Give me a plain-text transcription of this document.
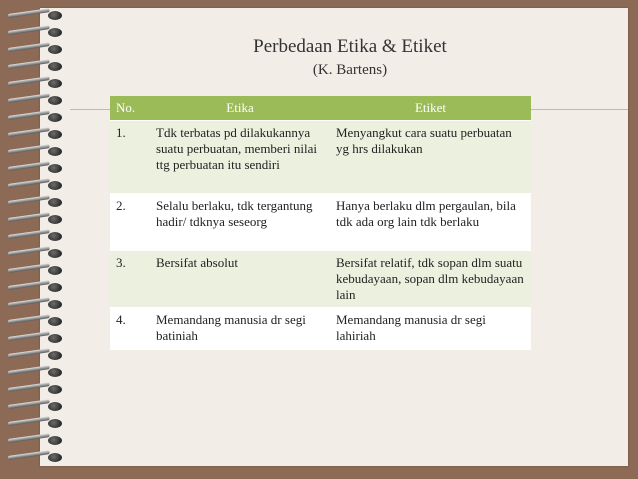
Perbedaan Etika & Etiket
(K. Bartens)
No.	Etika	Etiket
1.	Tdk terbatas pd dilakukannya suatu perbuatan, memberi nilai ttg perbuatan itu sendiri	Menyangkut cara suatu perbuatan yg hrs dilakukan
2.	Selalu berlaku, tdk tergantung hadir/ tdknya seseorg	Hanya berlaku dlm pergaulan, bila tdk ada org lain tdk berlaku
3.	Bersifat absolut	Bersifat relatif, tdk sopan dlm suatu kebudayaan, sopan dlm kebudayaan lain
4.	Memandang manusia dr segi batiniah	Memandang manusia dr segi lahiriah
